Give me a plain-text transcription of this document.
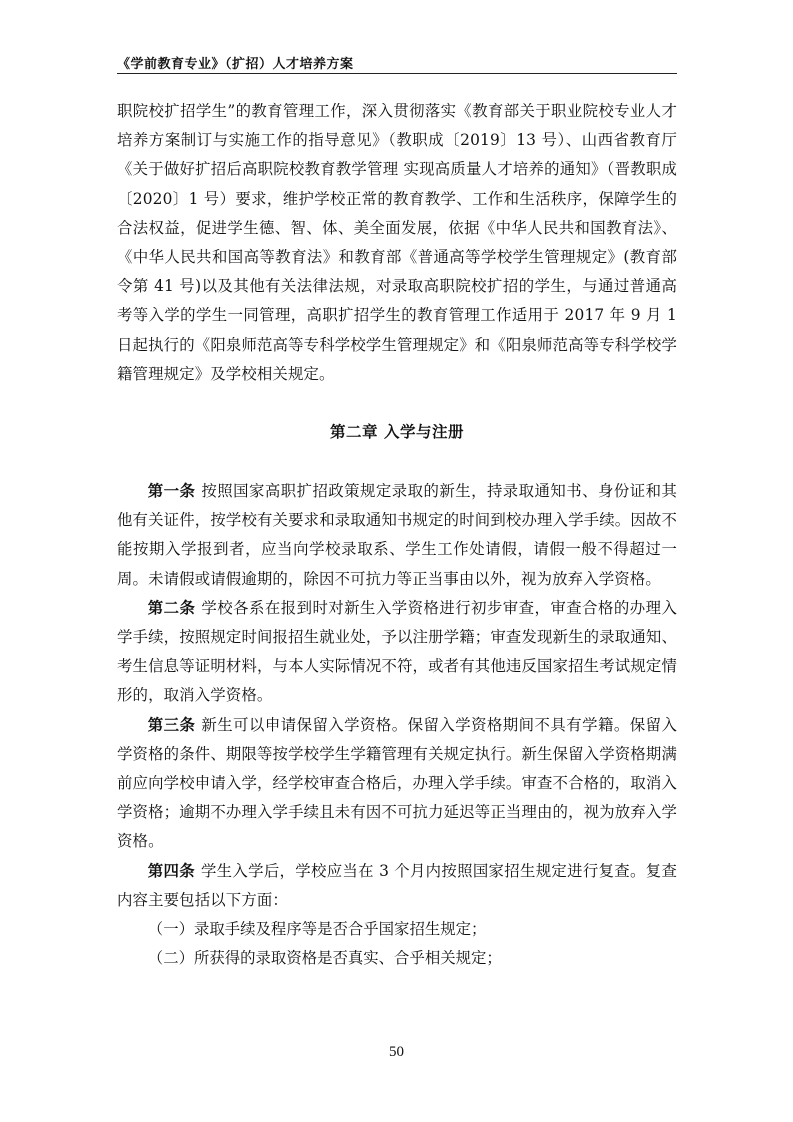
《学前教育专业》（扩招）人才培养方案

职院校扩招学生”的教育管理工作，深入贯彻落实《教育部关于职业院校专业人才培养方案制订与实施工作的指导意见》（教职成〔2019〕13 号）、山西省教育厅《关于做好扩招后高职院校教育教学管理 实现高质量人才培养的通知》（晋教职成〔2020〕1 号）要求，维护学校正常的教育教学、工作和生活秩序，保障学生的合法权益，促进学生德、智、体、美全面发展，依据《中华人民共和国教育法》、《中华人民共和国高等教育法》和教育部《普通高等学校学生管理规定》(教育部令第 41 号)以及其他有关法律法规，对录取高职院校扩招的学生，与通过普通高考等入学的学生一同管理，高职扩招学生的教育管理工作适用于 2017 年 9 月 1 日起执行的《阳泉师范高等专科学校学生管理规定》和《阳泉师范高等专科学校学籍管理规定》及学校相关规定。

第二章 入学与注册

第一条 按照国家高职扩招政策规定录取的新生，持录取通知书、身份证和其他有关证件，按学校有关要求和录取通知书规定的时间到校办理入学手续。因故不能按期入学报到者，应当向学校录取系、学生工作处请假，请假一般不得超过一周。未请假或请假逾期的，除因不可抗力等正当事由以外，视为放弃入学资格。

第二条 学校各系在报到时对新生入学资格进行初步审查，审查合格的办理入学手续，按照规定时间报招生就业处，予以注册学籍；审查发现新生的录取通知、考生信息等证明材料，与本人实际情况不符，或者有其他违反国家招生考试规定情形的，取消入学资格。

第三条 新生可以申请保留入学资格。保留入学资格期间不具有学籍。保留入学资格的条件、期限等按学校学生学籍管理有关规定执行。新生保留入学资格期满前应向学校申请入学，经学校审查合格后，办理入学手续。审查不合格的，取消入学资格；逾期不办理入学手续且未有因不可抗力延迟等正当理由的，视为放弃入学资格。

第四条 学生入学后，学校应当在 3 个月内按照国家招生规定进行复查。复查内容主要包括以下方面：

（一）录取手续及程序等是否合乎国家招生规定；

（二）所获得的录取资格是否真实、合乎相关规定；

50
